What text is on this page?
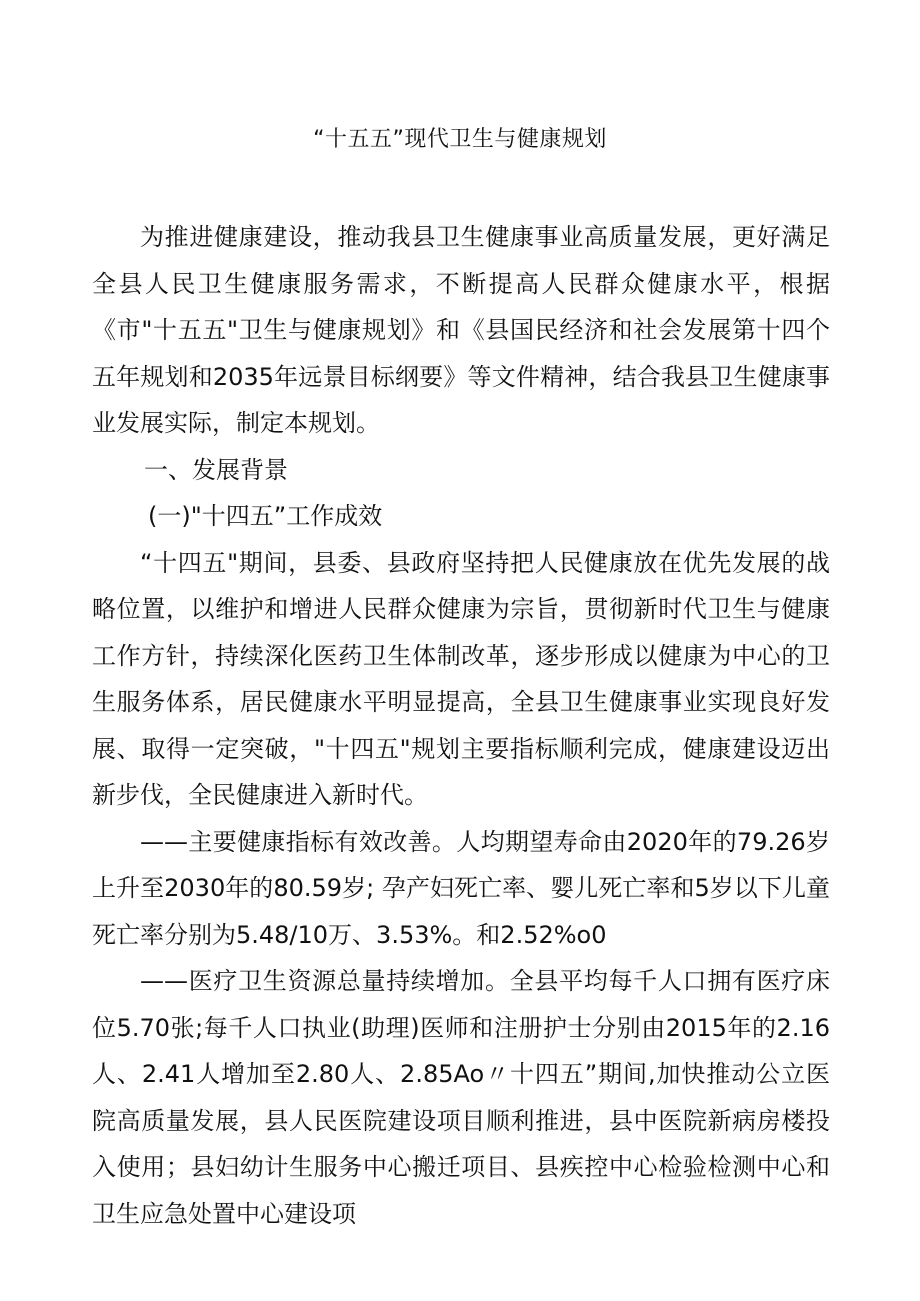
“十五五”现代卫生与健康规划

为推进健康建设，推动我县卫生健康事业高质量发展，更好满足全县人民卫生健康服务需求，不断提高人民群众健康水平，根据《市"十五五"卫生与健康规划》和《县国民经济和社会发展第十四个五年规划和2035年远景目标纲要》等文件精神，结合我县卫生健康事业发展实际，制定本规划。

一、发展背景

(一)"十四五”工作成效

“十四五"期间，县委、县政府坚持把人民健康放在优先发展的战略位置，以维护和增进人民群众健康为宗旨，贯彻新时代卫生与健康工作方针，持续深化医药卫生体制改革，逐步形成以健康为中心的卫生服务体系，居民健康水平明显提高，全县卫生健康事业实现良好发展、取得一定突破，"十四五"规划主要指标顺利完成，健康建设迈出新步伐，全民健康进入新时代。

——主要健康指标有效改善。人均期望寿命由2020年的79.26岁上升至2030年的80.59岁; 孕产妇死亡率、婴儿死亡率和5岁以下儿童死亡率分别为5.48/10万、3.53%。和2.52%o0

——医疗卫生资源总量持续增加。全县平均每千人口拥有医疗床位5.70张;每千人口执业(助理)医师和注册护士分别由2015年的2.16人、2.41人增加至2.80人、2.85Ao〃十四五”期间,加快推动公立医院高质量发展，县人民医院建设项目顺利推进，县中医院新病房楼投入使用；县妇幼计生服务中心搬迁项目、县疾控中心检验检测中心和卫生应急处置中心建设项
